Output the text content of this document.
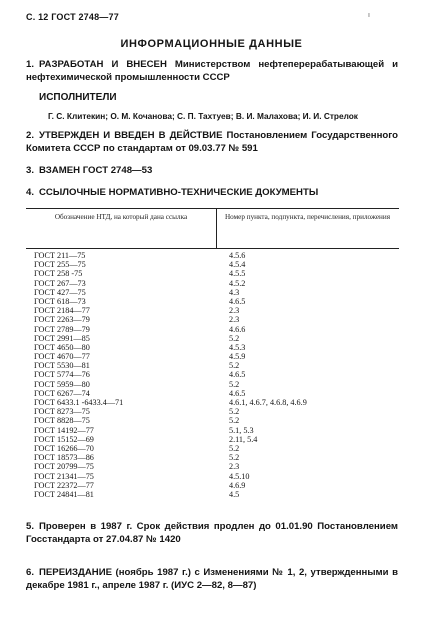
С. 12 ГОСТ 2748—77	ı
ИНФОРМАЦИОННЫЕ ДАННЫЕ
1. РАЗРАБОТАН И ВНЕСЕН Министерством нефтеперерабатывающей и нефтехимической промышленности СССР
ИСПОЛНИТЕЛИ
Г. С. Клитекин; О. М. Кочанова; С. П. Тахтуев; В. И. Малахова; И. И. Стрелок
2. УТВЕРЖДЕН И ВВЕДЕН В ДЕЙСТВИЕ Постановлением Государственного Комитета СССР по стандартам от 09.03.77 № 591
3. ВЗАМЕН ГОСТ 2748—53
4. ССЫЛОЧНЫЕ НОРМАТИВНО-ТЕХНИЧЕСКИЕ ДОКУМЕНТЫ
Обозначение НТД, на который дана ссылка	Номер пункта, подпункта, перечисления, приложения
ГОСТ 211—75
ГОСТ 255—75
ГОСТ 258 -75
ГОСТ 267—73
ГОСТ 427—75
ГОСТ 618—73
ГОСТ 2184—77
ГОСТ 2263—79
ГОСТ 2789—79
ГОСТ 2991—85
ГОСТ 4650—80
ГОСТ 4670—77
ГОСТ 5530—81
ГОСТ 5774—76
ГОСТ 5959—80
ГОСТ 6267—74
ГОСТ 6433.1 -6433.4—71
ГОСТ 8273—75
ГОСТ 8828—75
ГОСТ 14192—77
ГОСТ 15152—69
ГОСТ 16266—70
ГОСТ 18573—86
ГОСТ 20799—75
ГОСТ 21341—75
ГОСТ 22372—77
ГОСТ 24841—81
4.5.6
4.5.4
4.5.5
4.5.2
4.3
4.6.5
2.3
2.3
4.6.6
5.2
4.5.3
4.5.9
5.2
4.6.5
5.2
4.6.5
4.6.1, 4.6.7, 4.6.8, 4.6.9
5.2
5.2
5.1, 5.3
2.11, 5.4
5.2
5.2
2.3
4.5.10
4.6.9
4.5
5. Проверен в 1987 г. Срок действия продлен до 01.01.90 Постановлением Госстандарта от 27.04.87 № 1420
6. ПЕРЕИЗДАНИЕ (ноябрь 1987 г.) с Изменениями № 1, 2, утвержденными в декабре 1981 г., апреле 1987 г. (ИУС 2—82, 8—87)
